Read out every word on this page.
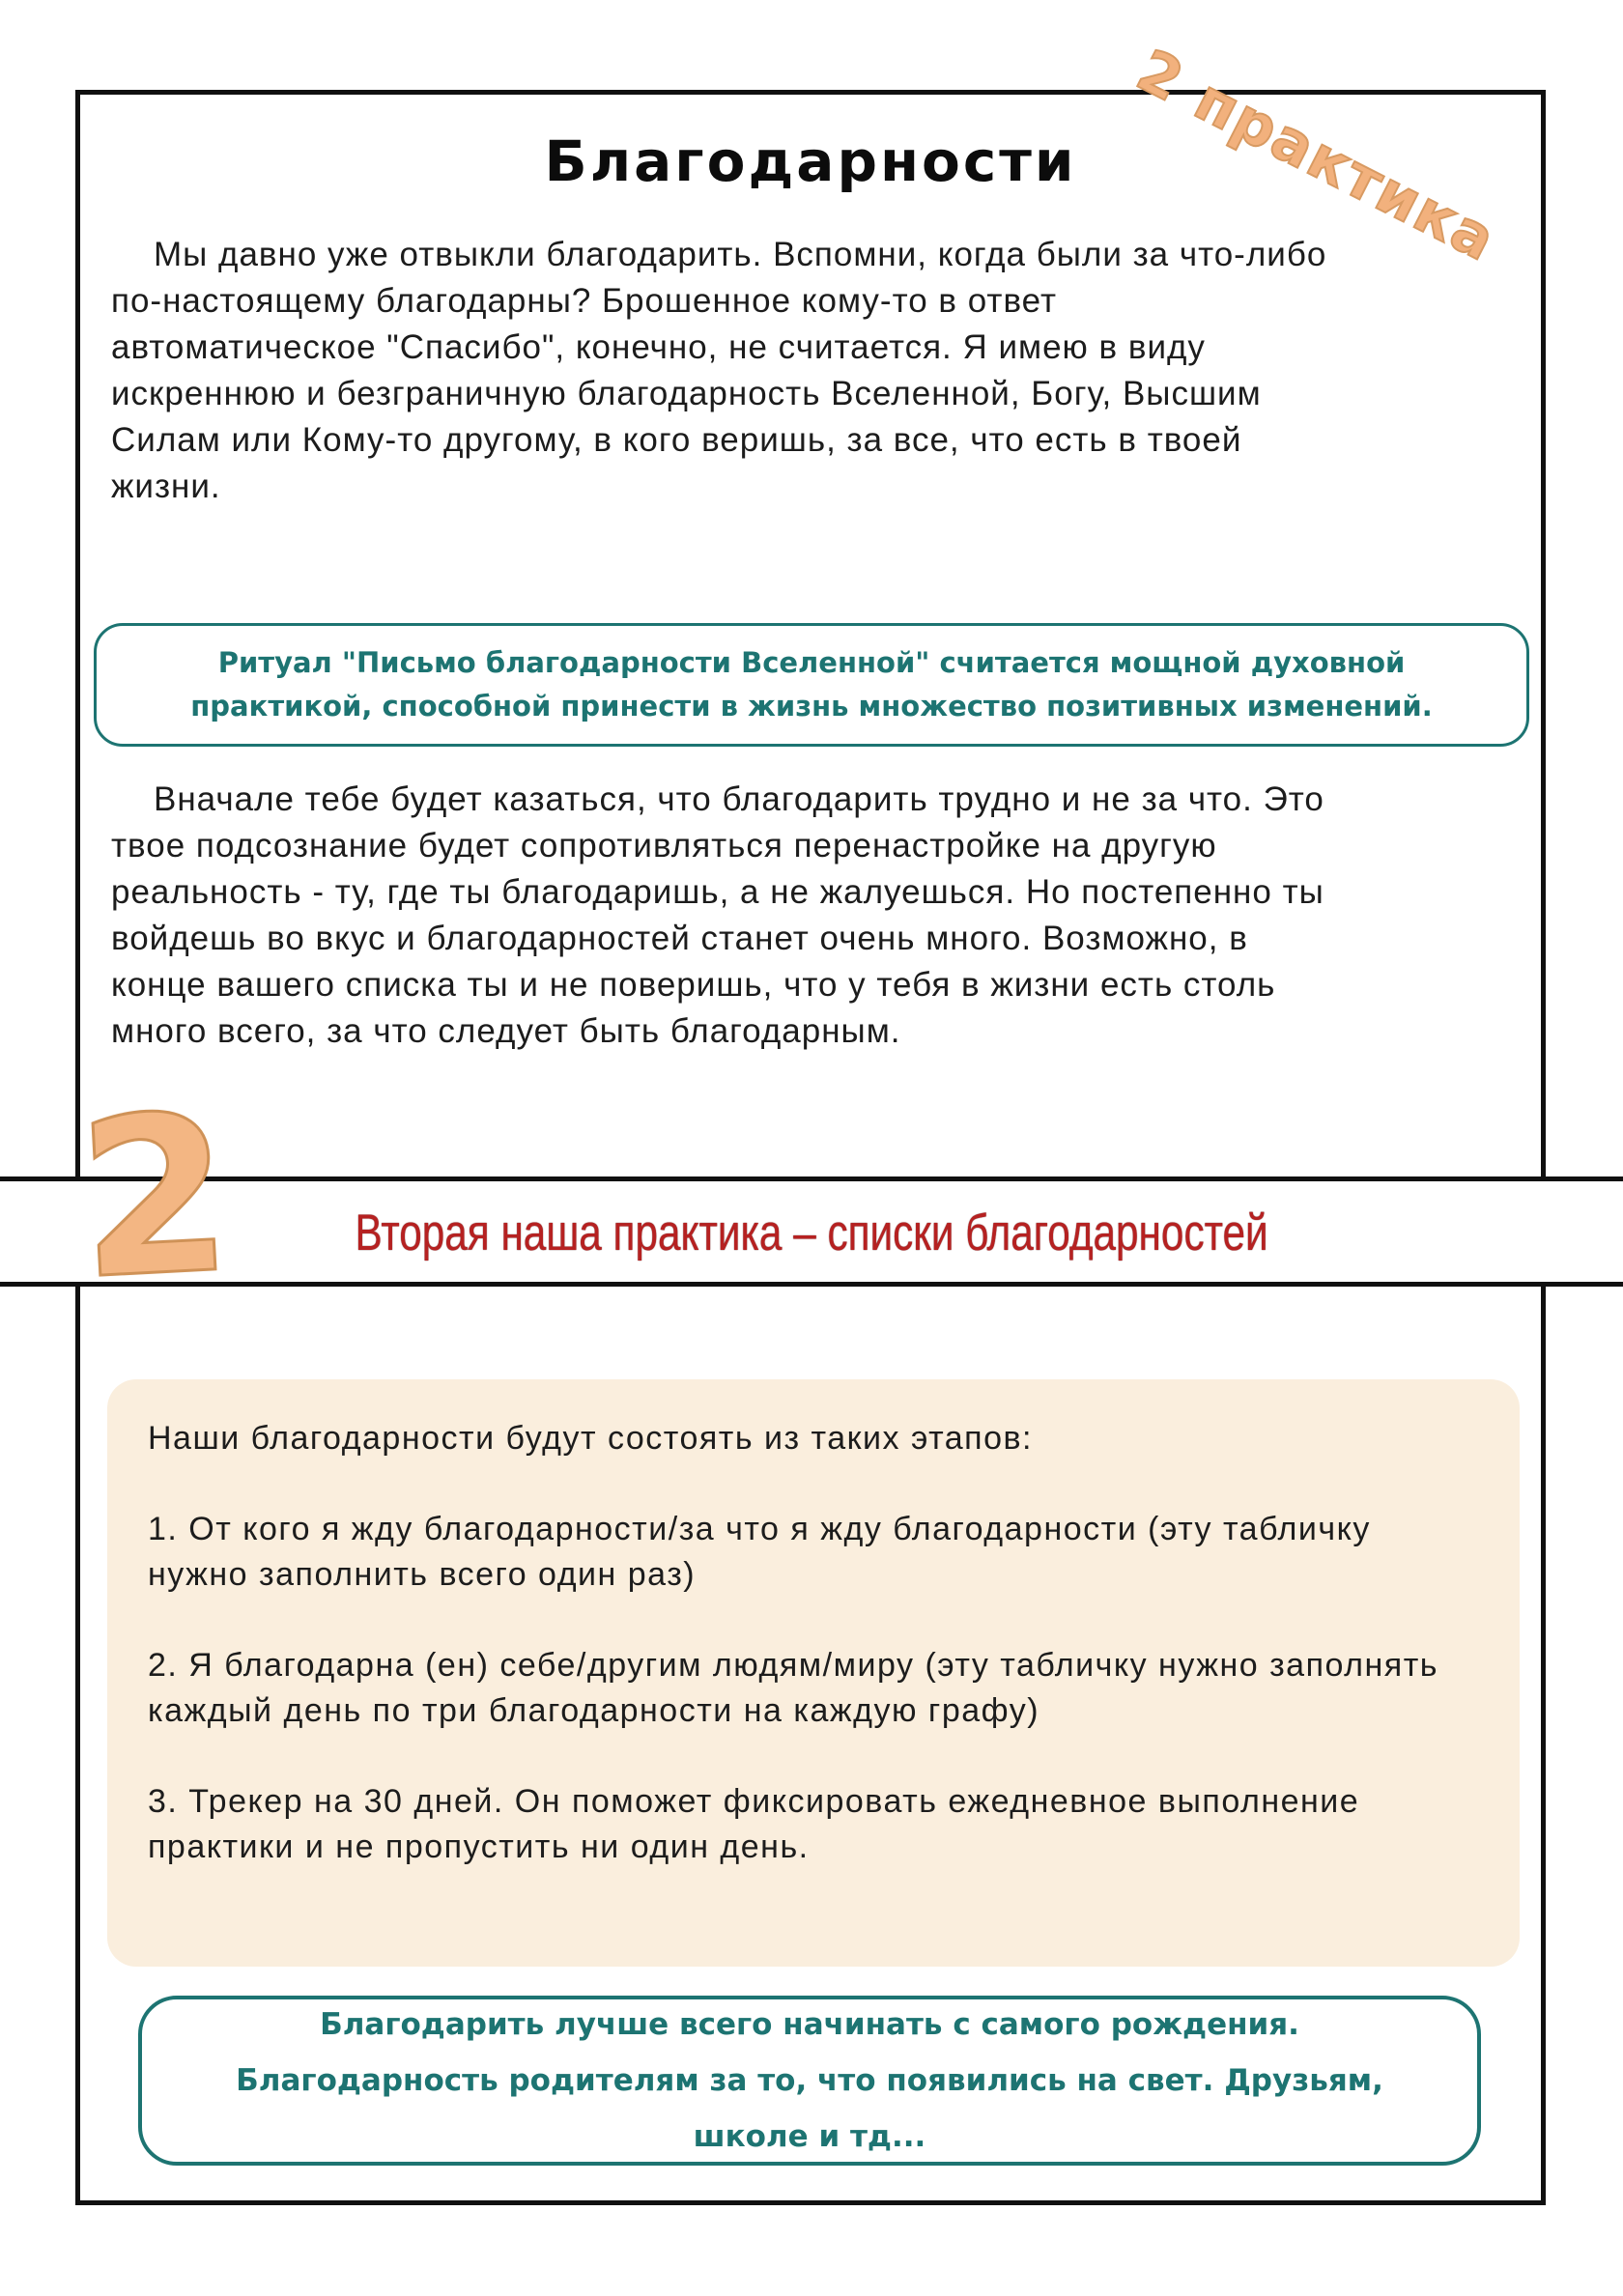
Благодарности

Мы давно уже отвыкли благодарить. Вспомни, когда были за что-либо по-настоящему благодарны? Брошенное кому-то в ответ автоматическое "Спасибо", конечно, не считается. Я имею в виду искреннюю и безграничную благодарность Вселенной, Богу, Высшим Силам или Кому-то другому, в кого веришь, за все, что есть в твоей жизни.

Ритуал "Письмо благодарности Вселенной" считается мощной духовной практикой, способной принести в жизнь множество позитивных изменений.

Вначале тебе будет казаться, что благодарить трудно и не за что. Это твое подсознание будет сопротивляться перенастройке на другую реальность - ту, где ты благодаришь, а не жалуешься. Но постепенно ты войдешь во вкус и благодарностей станет очень много. Возможно, в конце вашего списка ты и не поверишь, что у тебя в жизни есть столь много всего, за что следует быть благодарным.

Наши благодарности будут состоять из таких этапов:

1. От кого я жду благодарности/за что я жду благодарности (эту табличку нужно заполнить всего один раз)

2. Я благодарна (ен) себе/другим людям/миру (эту табличку нужно заполнять каждый день по три благодарности на каждую графу)

3. Трекер на 30 дней. Он поможет фиксировать ежедневное выполнение практики и не пропустить ни один день.

Благодарить лучше всего начинать с самого рождения. Благодарность родителям за то, что появились на свет. Друзьям, школе и тд...
Вторая наша практика – списки благодарностей
2
2 практика
